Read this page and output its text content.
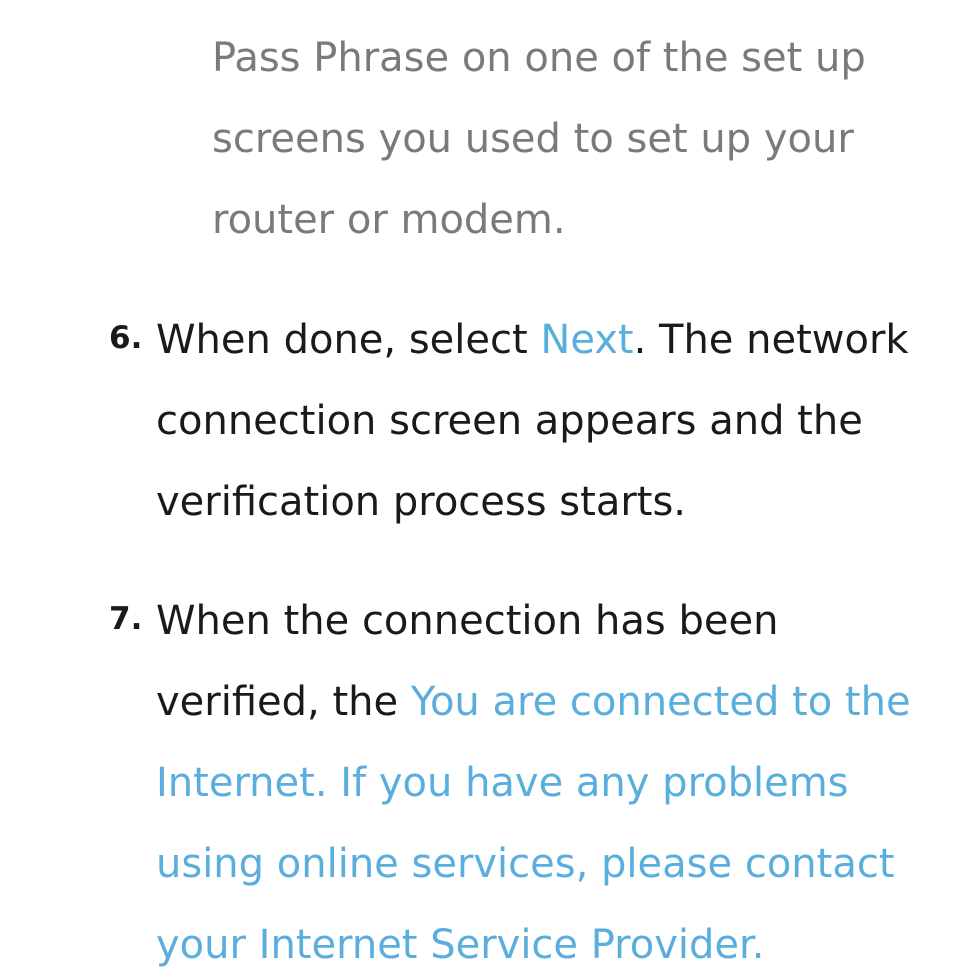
Pass Phrase on one of the set up
screens you used to set up your
router or modem.
6. When done, select Next. The network
connection screen appears and the
verification process starts.
7. When the connection has been
verified, the You are connected to the
Internet. If you have any problems
using online services, please contact
your Internet Service Provider.
